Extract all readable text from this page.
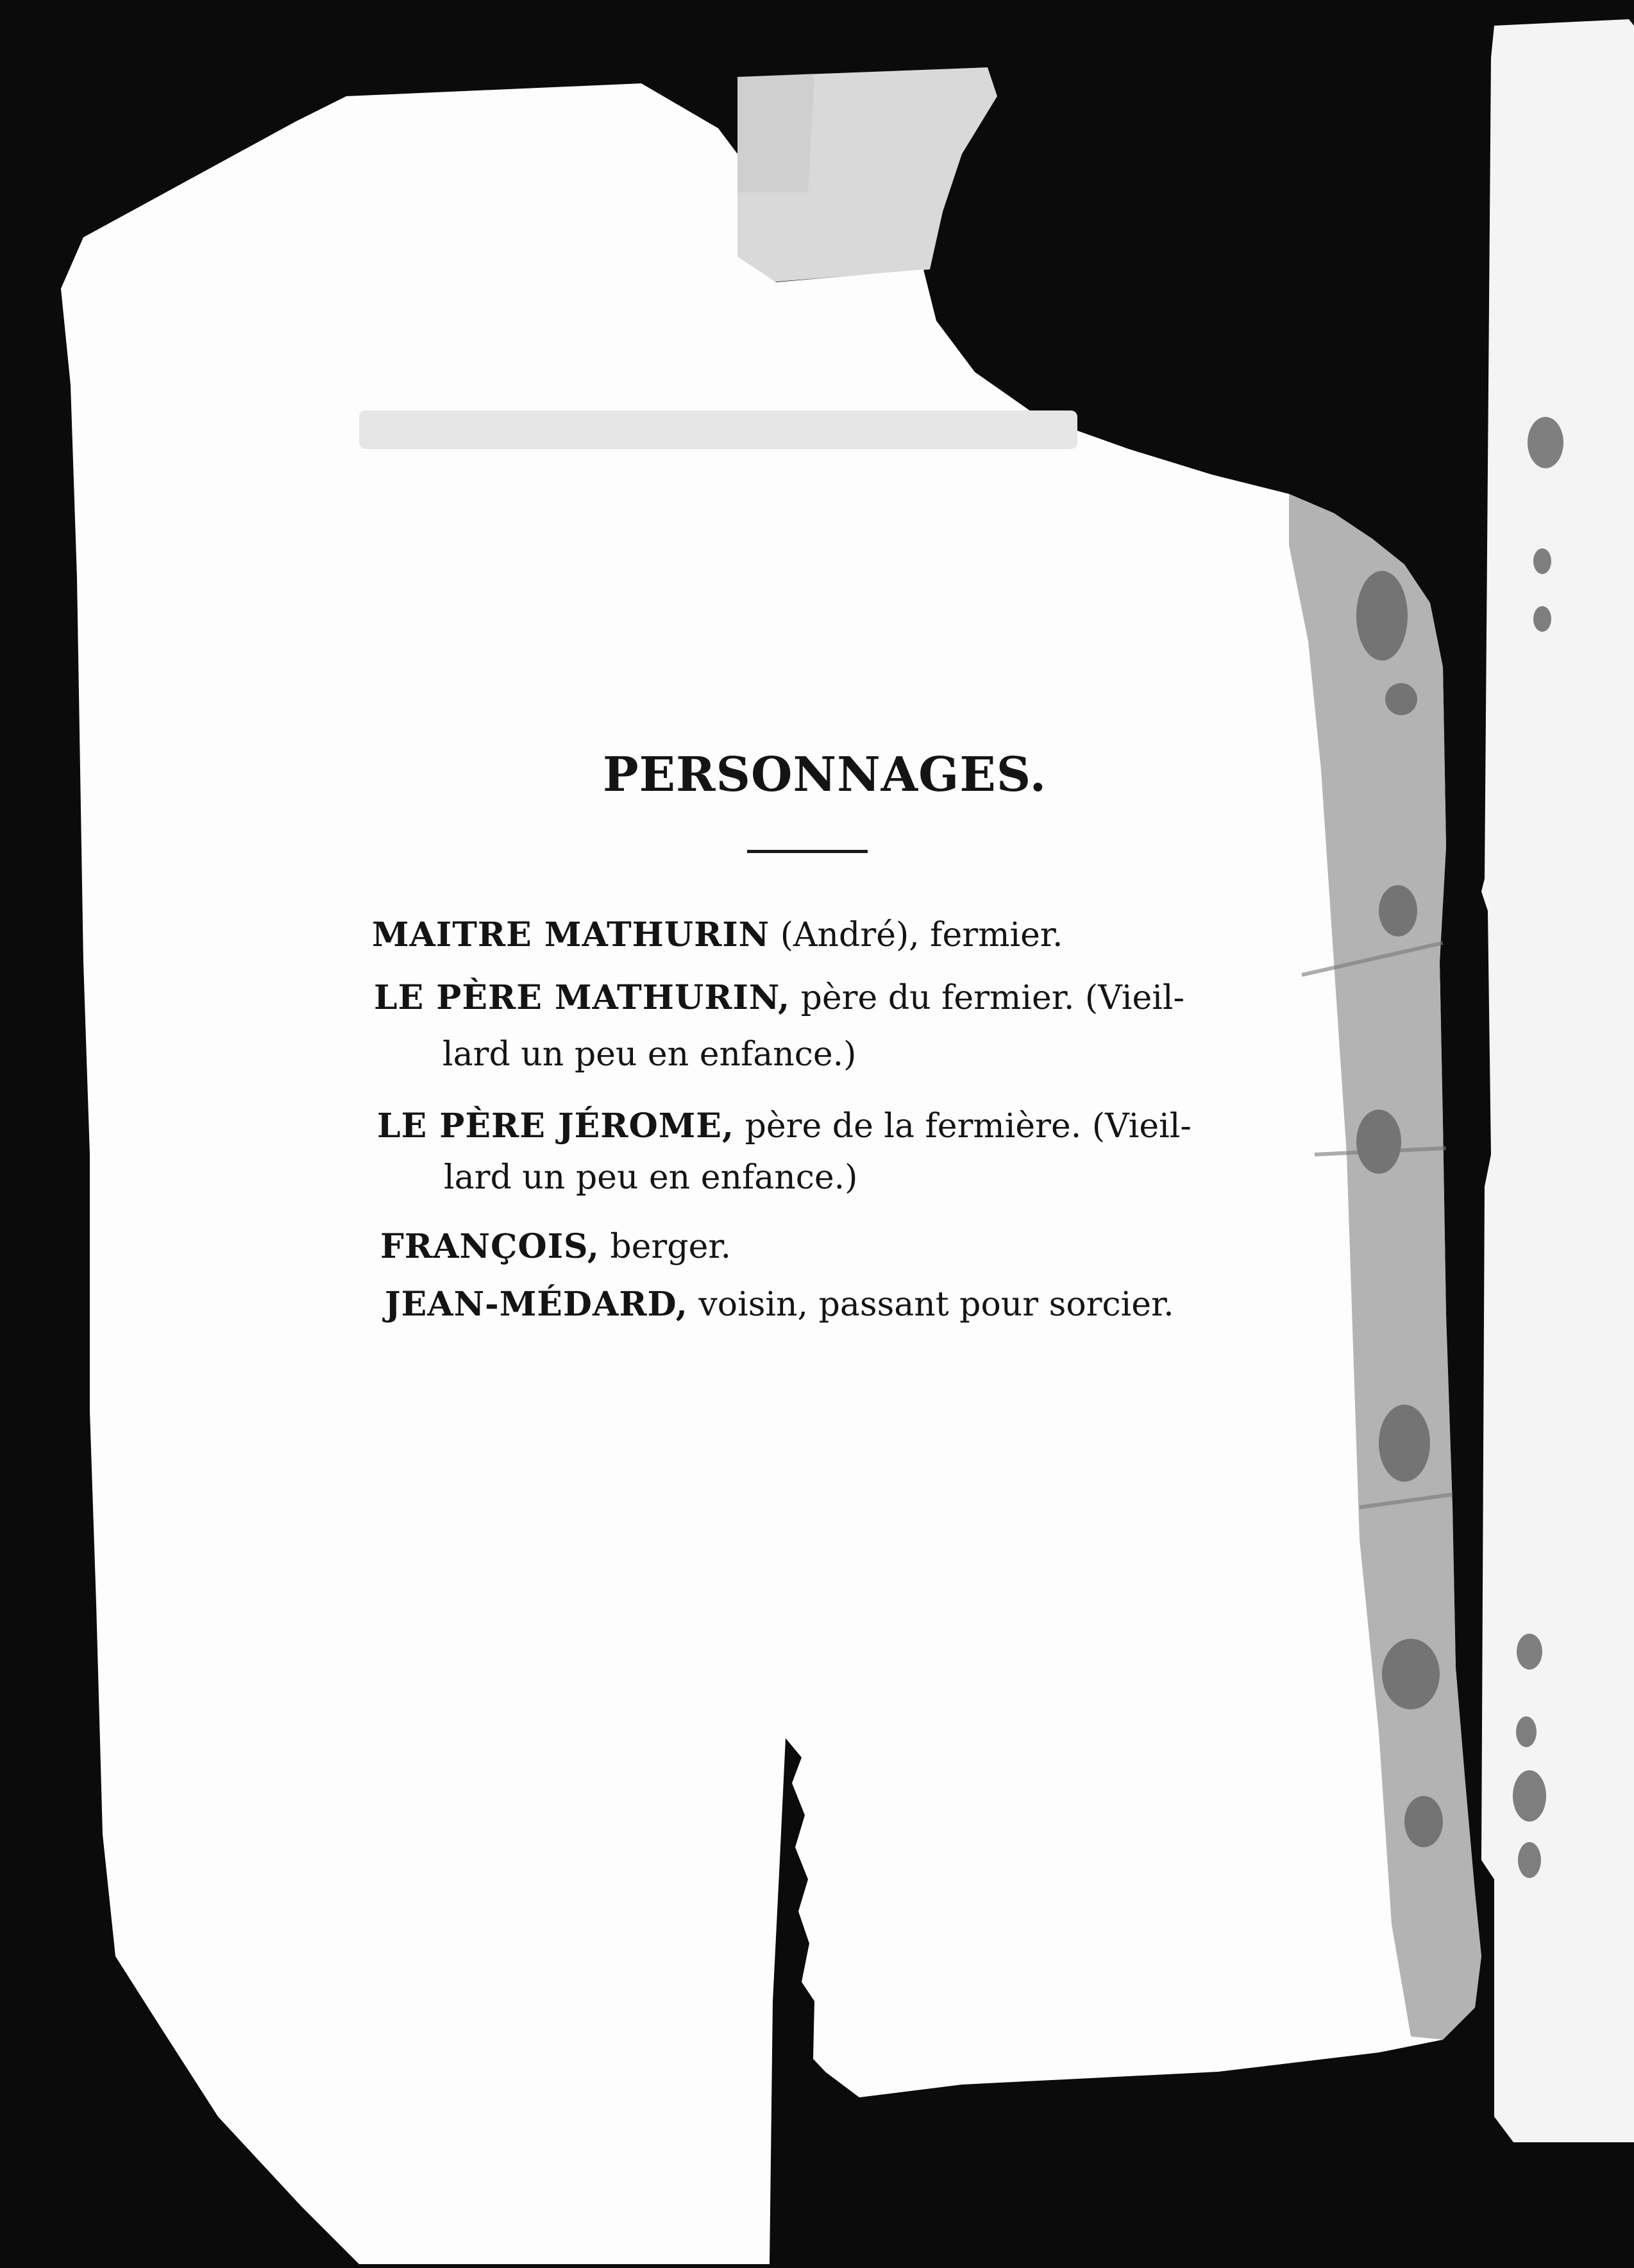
PERSONNAGES.
MAITRE MATHURIN (André), fermier.
LE PÈRE MATHURIN, père du fermier. (Vieil-
lard un peu en enfance.)
LE PÈRE JÉROME, père de la fermière. (Vieil-
lard un peu en enfance.)
FRANÇOIS, berger.
JEAN-MÉDARD, voisin, passant pour sorcier.
